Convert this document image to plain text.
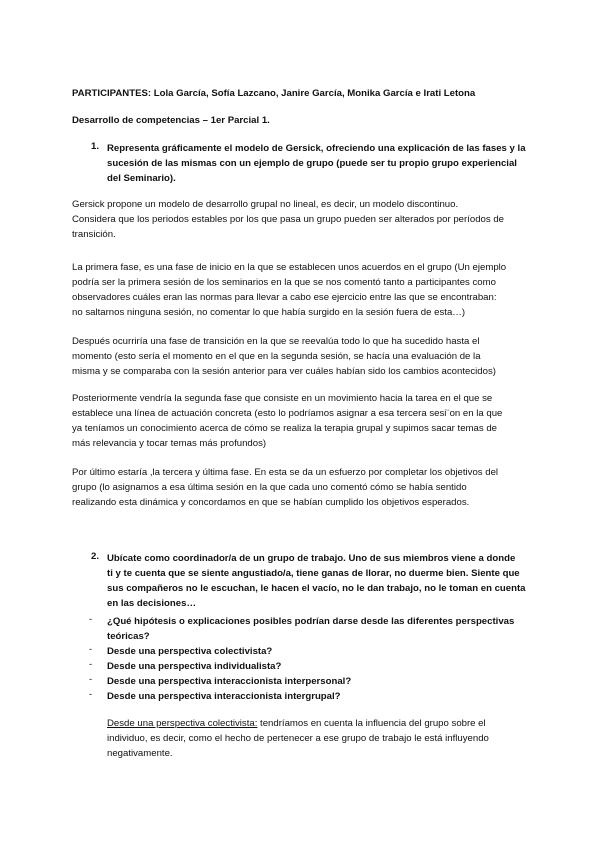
PARTICIPANTES: Lola García, Sofía Lazcano, Janire García, Monika García e Irati Letona
Desarrollo de competencias – 1er Parcial 1.
1. Representa gráficamente el modelo de Gersick, ofreciendo una explicación de las fases y la
sucesión de las mismas con un ejemplo de grupo (puede ser tu propio grupo experiencial
del Seminario).
Gersick propone un modelo de desarrollo grupal no lineal, es decir, un modelo discontinuo.
Considera que los periodos estables por los que pasa un grupo pueden ser alterados por períodos de
transición.
La primera fase, es una fase de inicio en la que se establecen unos acuerdos en el grupo (Un ejemplo
podría ser la primera sesión de los seminarios en la que se nos comentó tanto a participantes como
observadores cuáles eran las normas para llevar a cabo ese ejercicio entre las que se encontraban:
no saltarnos ninguna sesión, no comentar lo que había surgido en la sesión fuera de esta…)
Después ocurriría una fase de transición en la que se reevalúa todo lo que ha sucedido hasta el
momento (esto sería el momento en el que en la segunda sesión, se hacía una evaluación de la
misma y se comparaba con la sesión anterior para ver cuáles habían sido los cambios acontecidos)
Posteriormente vendría la segunda fase que consiste en un movimiento hacia la tarea en el que se
establece una línea de actuación concreta (esto lo podríamos asignar a esa tercera sesi¨on en la que
ya teníamos un conocimiento acerca de cómo se realiza la terapia grupal y supimos sacar temas de
más relevancia y tocar temas más profundos)
Por último estaría ,la tercera y última fase. En esta se da un esfuerzo por completar los objetivos del
grupo (lo asignamos a esa última sesión en la que cada uno comentó cómo se había sentido
realizando esta dinámica y concordamos en que se habían cumplido los objetivos esperados.
2. Ubícate como coordinador/a de un grupo de trabajo. Uno de sus miembros viene a donde
ti y te cuenta que se siente angustiado/a, tiene ganas de llorar, no duerme bien. Siente que
sus compañeros no le escuchan, le hacen el vacío, no le dan trabajo, no le toman en cuenta
en las decisiones…
- ¿Qué hipótesis o explicaciones posibles podrían darse desde las diferentes perspectivas
teóricas?
- Desde una perspectiva colectivista?
- Desde una perspectiva individualista?
- Desde una perspectiva interaccionista interpersonal?
- Desde una perspectiva interaccionista intergrupal?
Desde una perspectiva colectivista: tendríamos en cuenta la influencia del grupo sobre el
individuo, es decir, como el hecho de pertenecer a ese grupo de trabajo le está influyendo
negativamente.
